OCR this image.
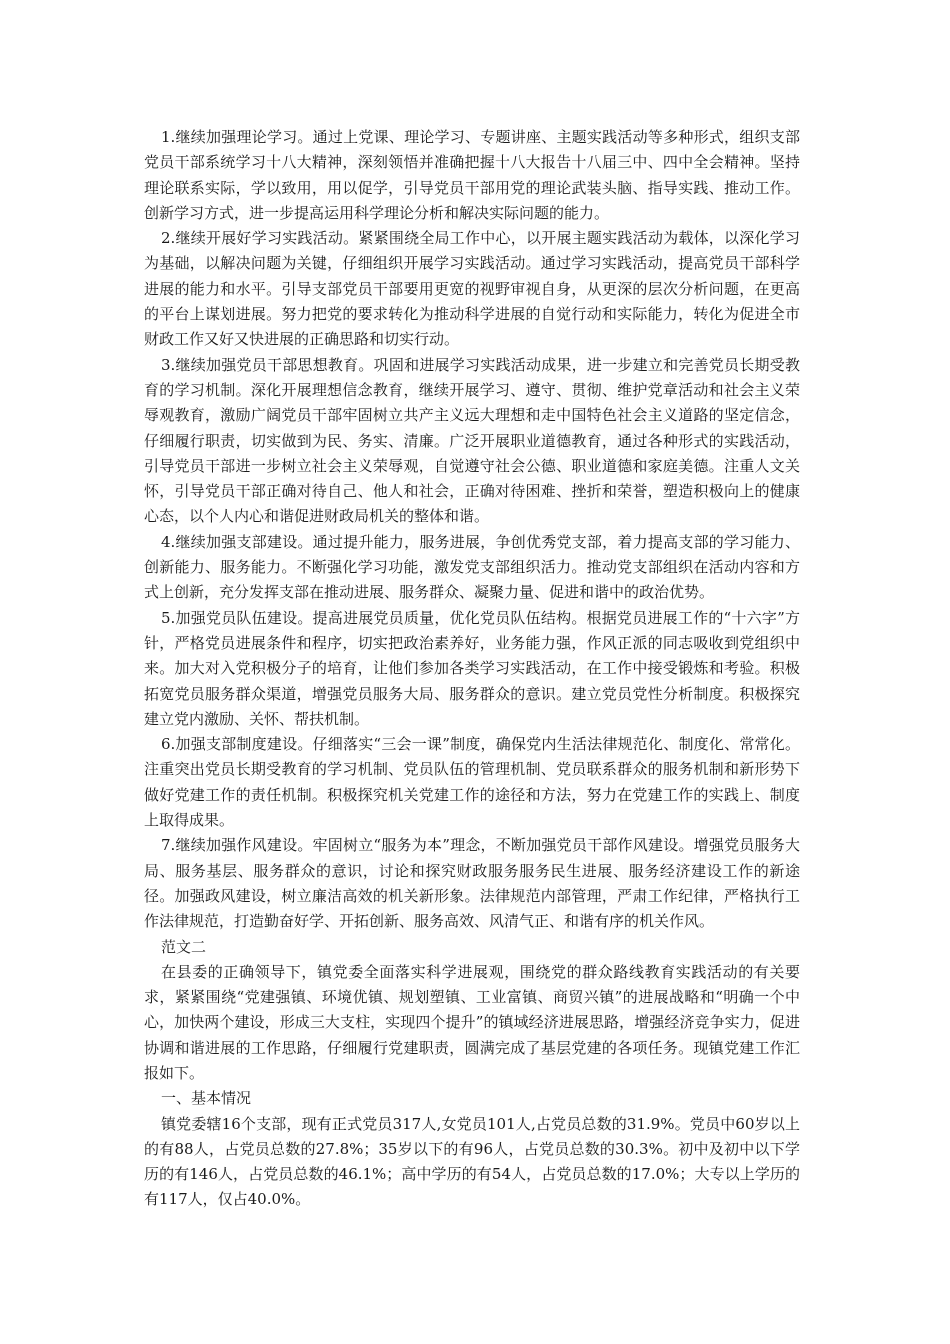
1.继续加强理论学习。通过上党课、理论学习、专题讲座、主题实践活动等多种形式，组织支部党员干部系统学习十八大精神，深刻领悟并准确把握十八大报告十八届三中、四中全会精神。坚持理论联系实际，学以致用，用以促学，引导党员干部用党的理论武装头脑、指导实践、推动工作。创新学习方式，进一步提高运用科学理论分析和解决实际问题的能力。

2.继续开展好学习实践活动。紧紧围绕全局工作中心，以开展主题实践活动为载体，以深化学习为基础，以解决问题为关键，仔细组织开展学习实践活动。通过学习实践活动，提高党员干部科学进展的能力和水平。引导支部党员干部要用更宽的视野审视自身，从更深的层次分析问题，在更高的平台上谋划进展。努力把党的要求转化为推动科学进展的自觉行动和实际能力，转化为促进全市财政工作又好又快进展的正确思路和切实行动。

3.继续加强党员干部思想教育。巩固和进展学习实践活动成果，进一步建立和完善党员长期受教育的学习机制。深化开展理想信念教育，继续开展学习、遵守、贯彻、维护党章活动和社会主义荣辱观教育，激励广阔党员干部牢固树立共产主义远大理想和走中国特色社会主义道路的坚定信念，仔细履行职责，切实做到为民、务实、清廉。广泛开展职业道德教育，通过各种形式的实践活动，引导党员干部进一步树立社会主义荣辱观，自觉遵守社会公德、职业道德和家庭美德。注重人文关怀，引导党员干部正确对待自己、他人和社会，正确对待困难、挫折和荣誉，塑造积极向上的健康心态，以个人内心和谐促进财政局机关的整体和谐。

4.继续加强支部建设。通过提升能力，服务进展，争创优秀党支部，着力提高支部的学习能力、创新能力、服务能力。不断强化学习功能，激发党支部组织活力。推动党支部组织在活动内容和方式上创新，充分发挥支部在推动进展、服务群众、凝聚力量、促进和谐中的政治优势。

5.加强党员队伍建设。提高进展党员质量，优化党员队伍结构。根据党员进展工作的“十六字”方针，严格党员进展条件和程序，切实把政治素养好，业务能力强，作风正派的同志吸收到党组织中来。加大对入党积极分子的培育，让他们参加各类学习实践活动，在工作中接受锻炼和考验。积极拓宽党员服务群众渠道，增强党员服务大局、服务群众的意识。建立党员党性分析制度。积极探究建立党内激励、关怀、帮扶机制。

6.加强支部制度建设。仔细落实“三会一课”制度，确保党内生活法律规范化、制度化、常常化。注重突出党员长期受教育的学习机制、党员队伍的管理机制、党员联系群众的服务机制和新形势下做好党建工作的责任机制。积极探究机关党建工作的途径和方法，努力在党建工作的实践上、制度上取得成果。

7.继续加强作风建设。牢固树立“服务为本”理念，不断加强党员干部作风建设。增强党员服务大局、服务基层、服务群众的意识，讨论和探究财政服务服务民生进展、服务经济建设工作的新途径。加强政风建设，树立廉洁高效的机关新形象。法律规范内部管理，严肃工作纪律，严格执行工作法律规范，打造勤奋好学、开拓创新、服务高效、风清气正、和谐有序的机关作风。

范文二

在县委的正确领导下，镇党委全面落实科学进展观，围绕党的群众路线教育实践活动的有关要求，紧紧围绕“党建强镇、环境优镇、规划塑镇、工业富镇、商贸兴镇”的进展战略和“明确一个中心，加快两个建设，形成三大支柱，实现四个提升”的镇域经济进展思路，增强经济竞争实力，促进协调和谐进展的工作思路，仔细履行党建职责，圆满完成了基层党建的各项任务。现镇党建工作汇报如下。

一、基本情况

镇党委辖16个支部，现有正式党员317人,女党员101人,占党员总数的31.9%。党员中60岁以上的有88人，占党员总数的27.8%；35岁以下的有96人，占党员总数的30.3%。初中及初中以下学历的有146人，占党员总数的46.1%；高中学历的有54人，占党员总数的17.0%；大专以上学历的有117人，仅占40.0%。
